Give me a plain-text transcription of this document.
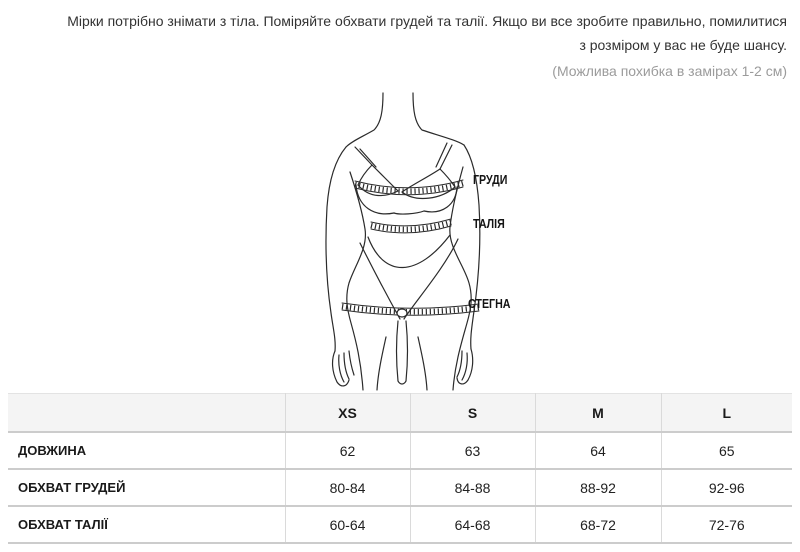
Мірки потрібно знімати з тіла. Поміряйте обхвати грудей та талії. Якщо ви все зробите правильно, помилитися з розміром у вас не буде шансу.
(Можлива похибка в замірах 1-2 см)
ГРУДИ
ТАЛІЯ
СТЕГНА
	XS	S	M	L
ДОВЖИНА	62	63	64	65
ОБХВАТ ГРУДЕЙ	80-84	84-88	88-92	92-96
ОБХВАТ ТАЛІЇ	60-64	64-68	68-72	72-76
